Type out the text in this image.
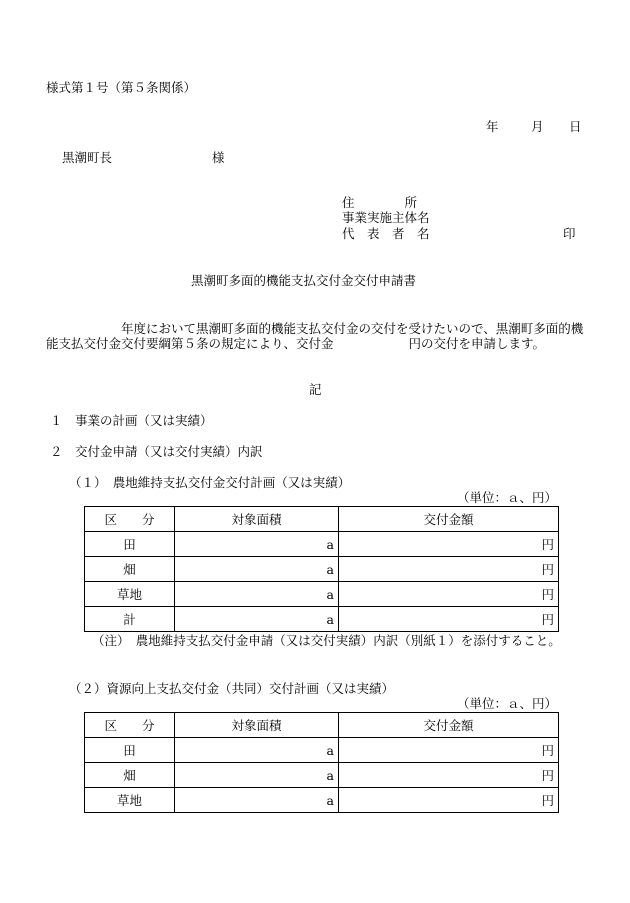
様式第１号（第５条関係）
年	月 日
黒潮町長	様
住　　　　所
事業実施主体名
代　表　者　名	印
黒潮町多面的機能支払交付金交付申請書
　　　　　　年度において黒潮町多面的機能支払交付金の交付を受けたいので、黒潮町多面的機能支払交付金交付要綱第５条の規定により、交付金　　　　　　円の交付を申請します。
記
１　事業の計画（又は実績）
２　交付金申請（又は交付実績）内訳
（１）　農地維持支払交付金交付計画（又は実績）
（単位：ａ、円）
区　　分	対象面積	交付金額
田	a	円
畑	a	円
草地	a	円
計	a	円
（注）　農地維持支払交付金申請（又は交付実績）内訳（別紙１）を添付すること。
（２）資源向上支払交付金（共同）交付計画（又は実績）
（単位：ａ、円）
区　　分	対象面積	交付金額
田	a	円
畑	a	円
草地	a	円
